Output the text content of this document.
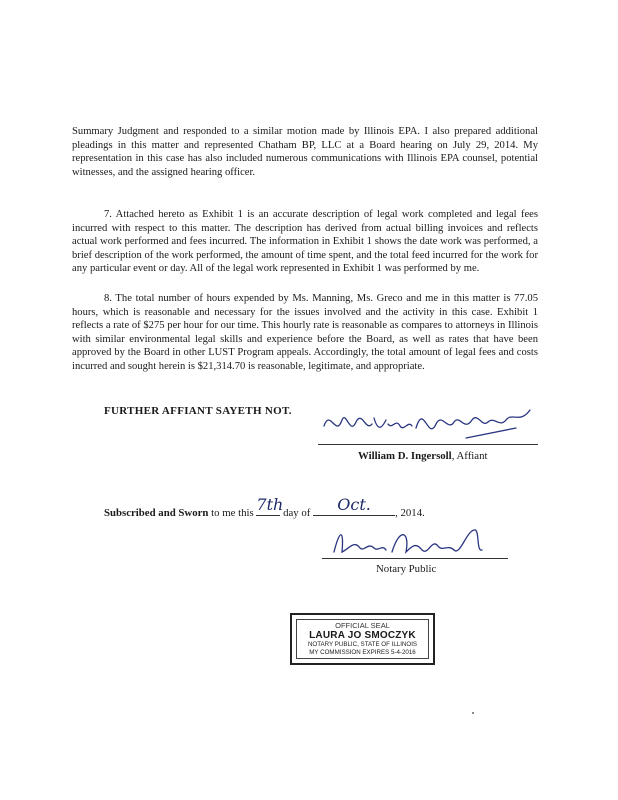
Summary Judgment and responded to a similar motion made by Illinois EPA. I also prepared additional pleadings in this matter and represented Chatham BP, LLC at a Board hearing on July 29, 2014. My representation in this case has also included numerous communications with Illinois EPA counsel, potential witnesses, and the assigned hearing officer.

7. Attached hereto as Exhibit 1 is an accurate description of legal work completed and legal fees incurred with respect to this matter. The description has derived from actual billing invoices and reflects actual work performed and fees incurred. The information in Exhibit 1 shows the date work was performed, a brief description of the work performed, the amount of time spent, and the total feed incurred for the work for any particular event or day. All of the legal work represented in Exhibit 1 was performed by me.

8. The total number of hours expended by Ms. Manning, Ms. Greco and me in this matter is 77.05 hours, which is reasonable and necessary for the issues involved and the activity in this case. Exhibit 1 reflects a rate of $275 per hour for our time. This hourly rate is reasonable as compares to attorneys in Illinois with similar environmental legal skills and experience before the Board, as well as rates that have been approved by the Board in other LUST Program appeals. Accordingly, the total amount of legal fees and costs incurred and sought herein is $21,314.70 is reasonable, legitimate, and appropriate.

FURTHER AFFIANT SAYETH NOT.
William D. Ingersoll, Affiant
Subscribed and Sworn to me this 7th
day of	Oct.	, 2014.
Notary Public
OFFICIAL SEAL
LAURA JO SMOCZYK
NOTARY PUBLIC, STATE OF ILLINOIS
MY COMMISSION EXPIRES 5-4-2016
